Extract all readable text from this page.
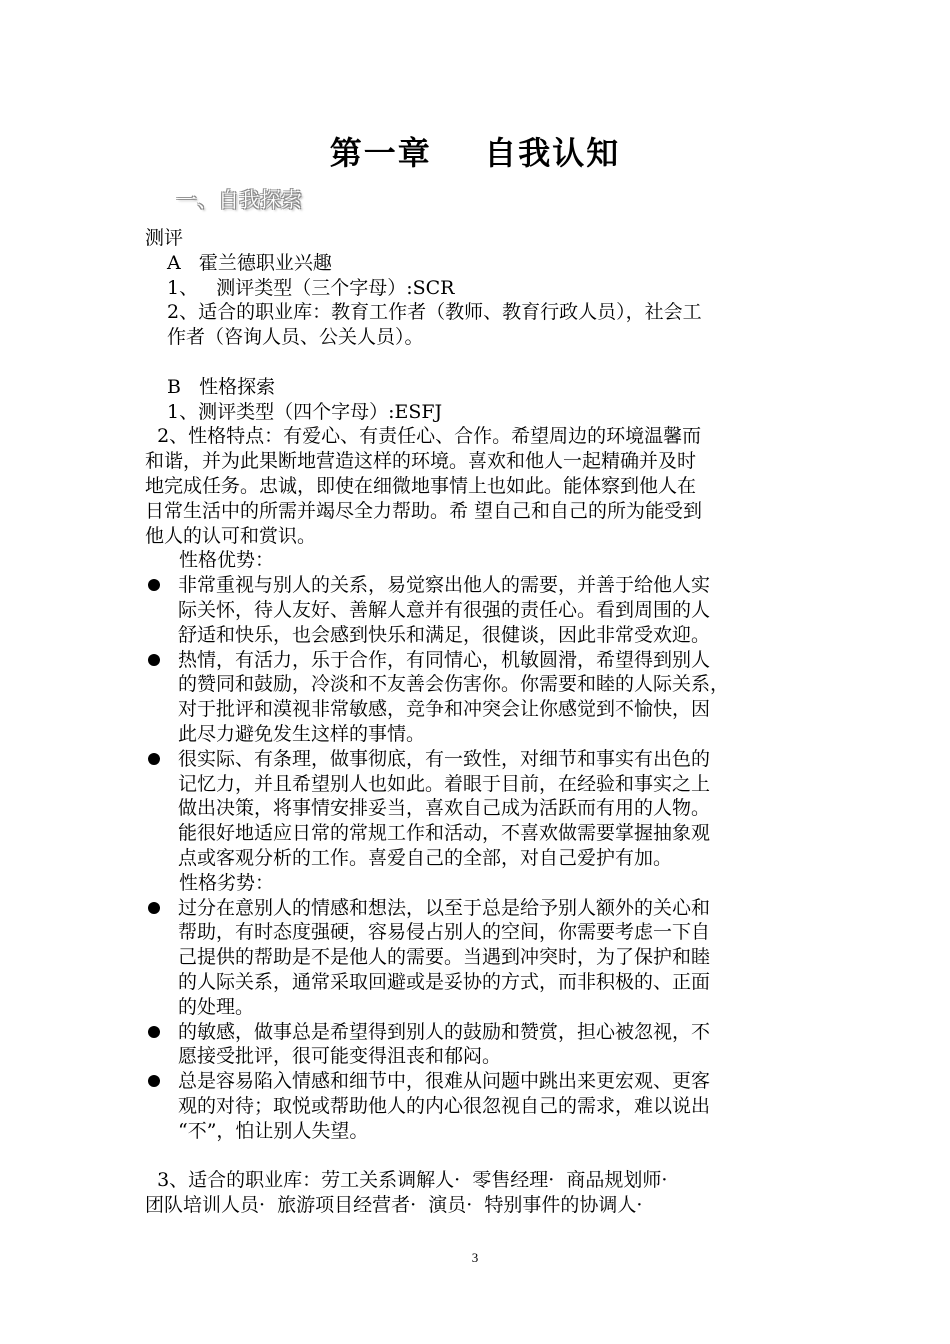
第一章    自我认知
一、自我探索
测评
A   霍兰德职业兴趣
1、   测评类型（三个字母）:SCR
2、适合的职业库：教育工作者（教师、教育行政人员），社会工
作者（咨询人员、公关人员）。
B   性格探索
1、测评类型（四个字母）:ESFJ
2、性格特点：有爱心、有责任心、合作。希望周边的环境温馨而
和谐，并为此果断地营造这样的环境。喜欢和他人一起精确并及时
地完成任务。忠诚，即使在细微地事情上也如此。能体察到他人在
日常生活中的所需并竭尽全力帮助。希 望自己和自己的所为能受到
他人的认可和赏识。
性格优势：
非常重视与别人的关系，易觉察出他人的需要，并善于给他人实
际关怀，待人友好、善解人意并有很强的责任心。看到周围的人
舒适和快乐，也会感到快乐和满足，很健谈，因此非常受欢迎。
热情，有活力，乐于合作，有同情心，机敏圆滑，希望得到别人
的赞同和鼓励，冷淡和不友善会伤害你。你需要和睦的人际关系，
对于批评和漠视非常敏感，竞争和冲突会让你感觉到不愉快，因
此尽力避免发生这样的事情。
很实际、有条理，做事彻底，有一致性，对细节和事实有出色的
记忆力，并且希望别人也如此。着眼于目前，在经验和事实之上
做出决策，将事情安排妥当，喜欢自己成为活跃而有用的人物。
能很好地适应日常的常规工作和活动，不喜欢做需要掌握抽象观
点或客观分析的工作。喜爱自己的全部，对自己爱护有加。
性格劣势：
过分在意别人的情感和想法，以至于总是给予别人额外的关心和
帮助，有时态度强硬，容易侵占别人的空间，你需要考虑一下自
己提供的帮助是不是他人的需要。当遇到冲突时，为了保护和睦
的人际关系，通常采取回避或是妥协的方式，而非积极的、正面
的处理。
的敏感，做事总是希望得到别人的鼓励和赞赏，担心被忽视，不
愿接受批评，很可能变得沮丧和郁闷。
总是容易陷入情感和细节中，很难从问题中跳出来更宏观、更客
观的对待；取悦或帮助他人的内心很忽视自己的需求，难以说出
“不”，怕让别人失望。
3、适合的职业库：劳工关系调解人·  零售经理·  商品规划师·
团队培训人员·  旅游项目经营者·  演员·  特别事件的协调人·
3
